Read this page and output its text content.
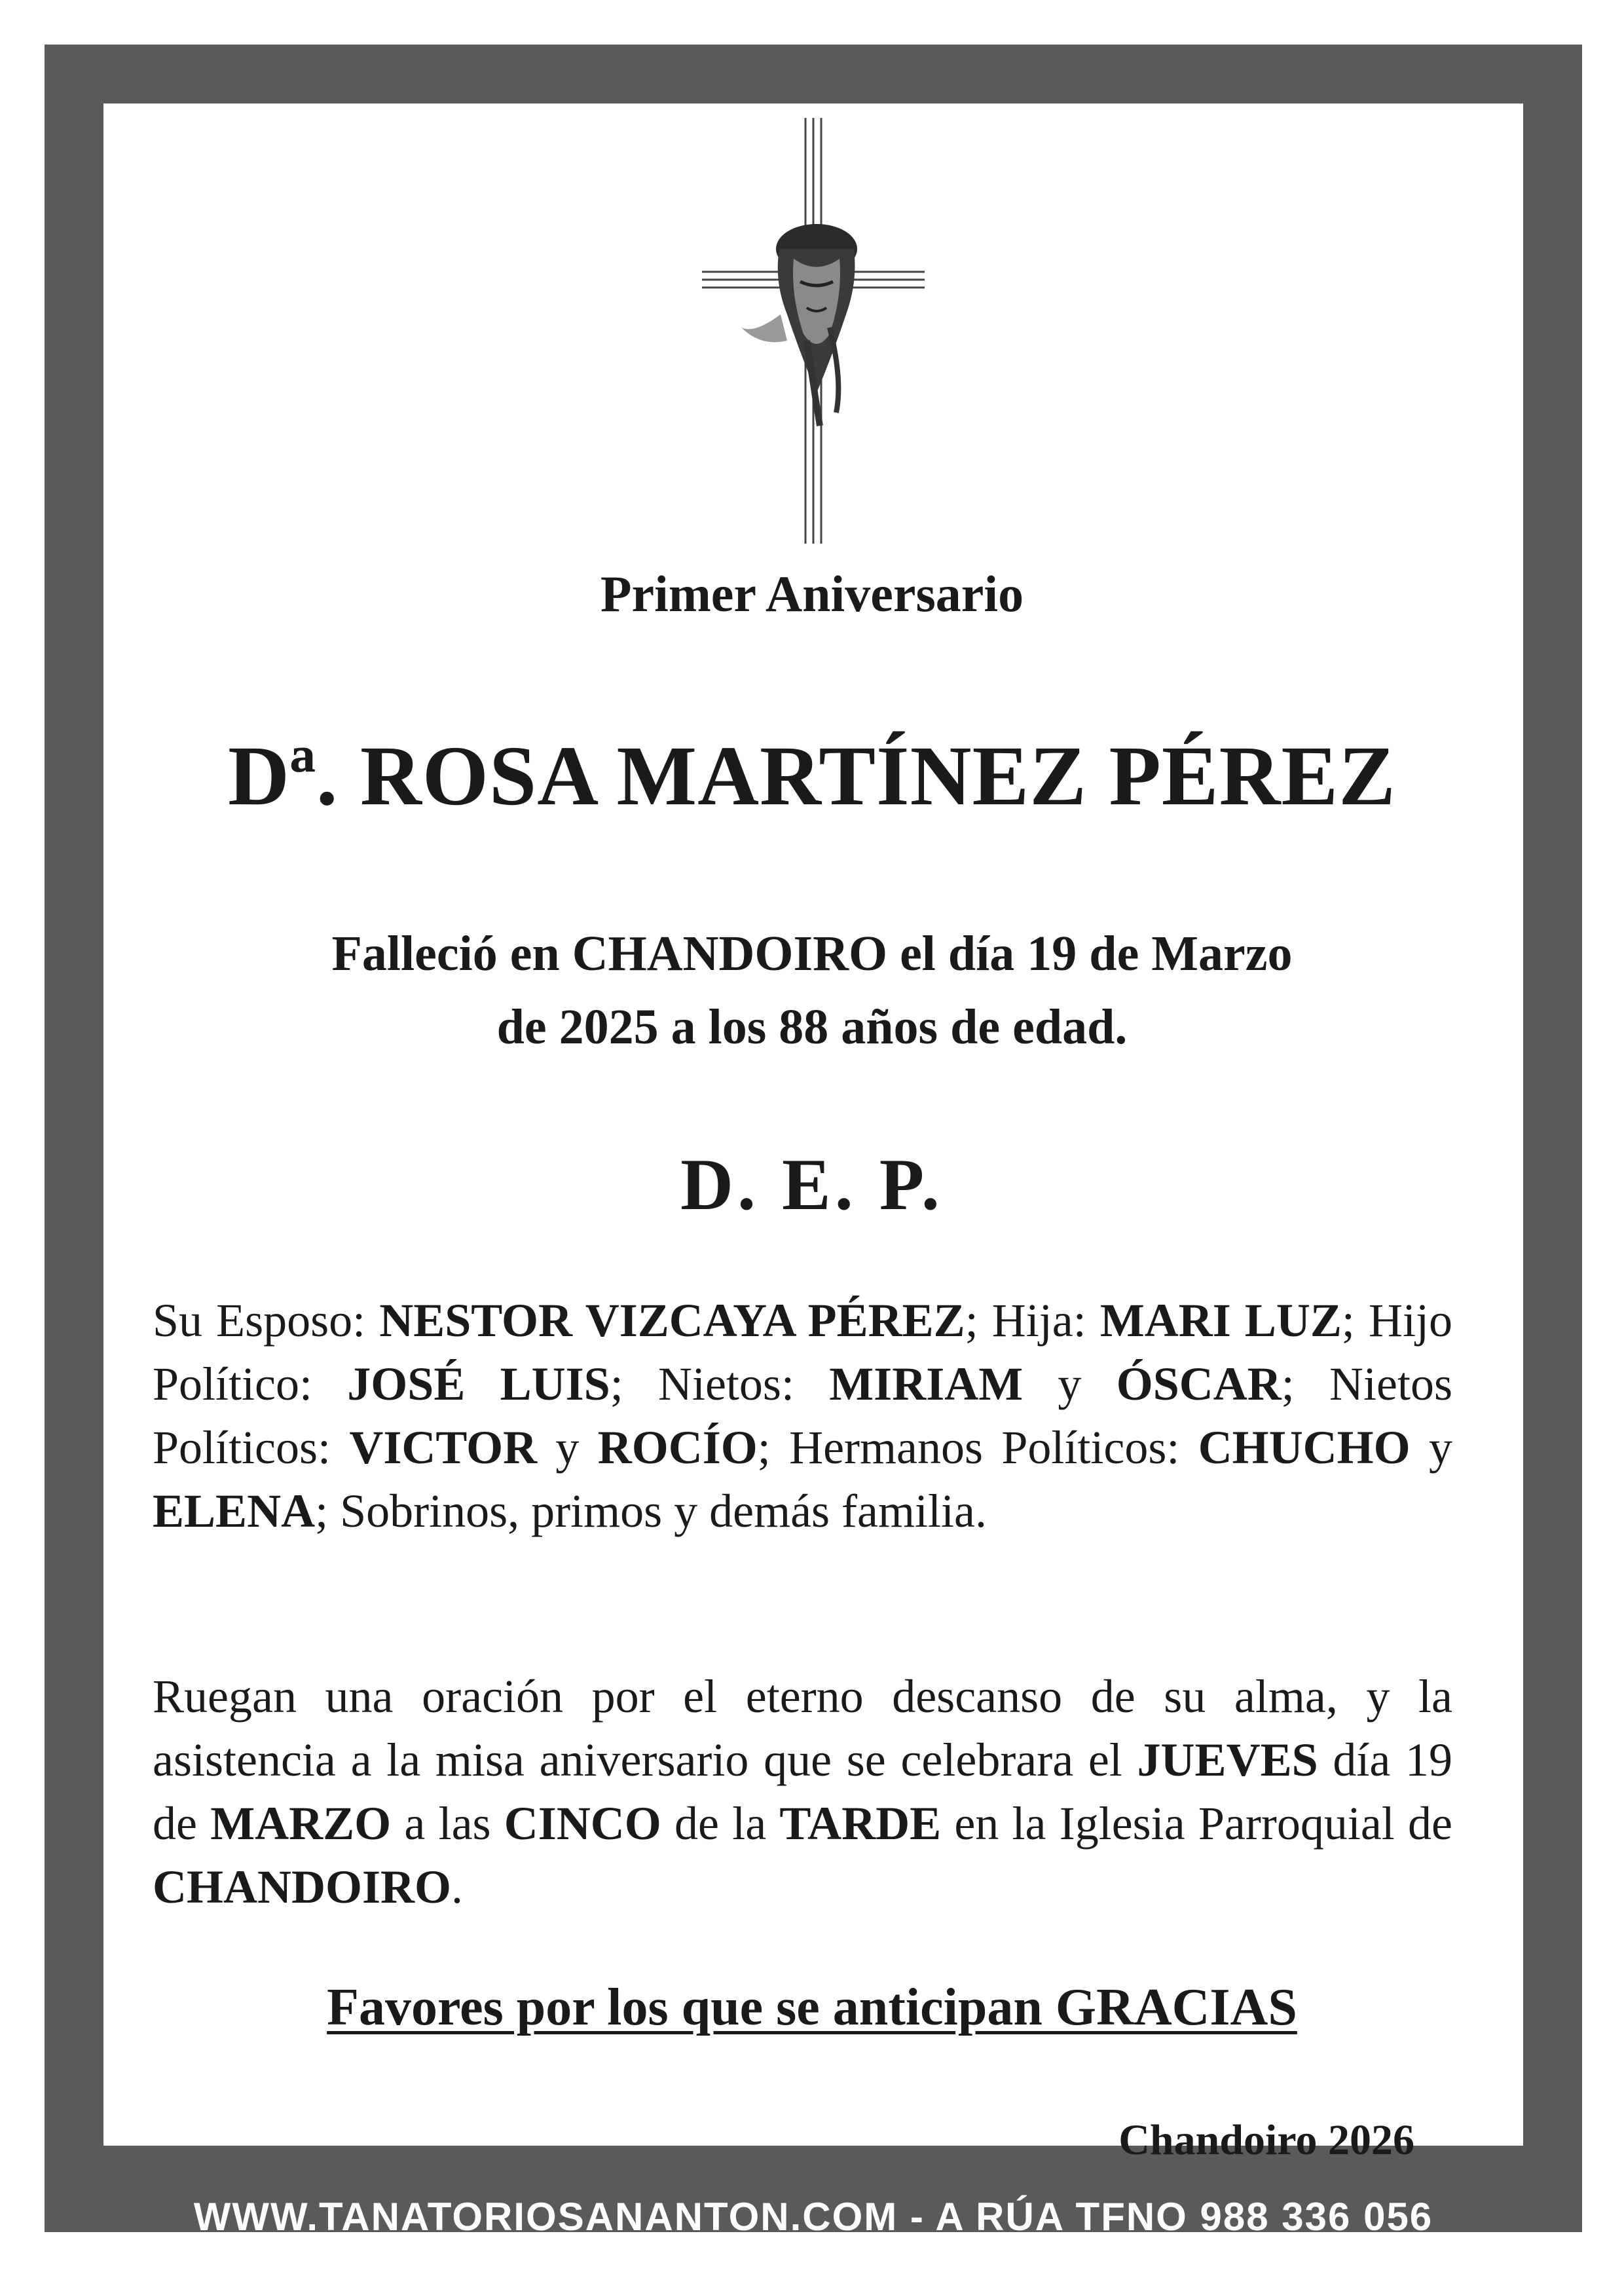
Primer Aniversario
Dª. ROSA MARTÍNEZ PÉREZ
Falleció en CHANDOIRO el día 19 de Marzo
de 2025 a los 88 años de edad.
D. E. P.
Su Esposo: NESTOR VIZCAYA PÉREZ; Hija: MARI LUZ; Hijo Político: JOSÉ LUIS; Nietos: MIRIAM y ÓSCAR; Nietos Políticos: VICTOR y ROCÍO; Hermanos Políticos: CHUCHO y ELENA; Sobrinos, primos y demás familia.
Ruegan una oración por el eterno descanso de su alma, y la asistencia a la misa aniversario que se celebrara el JUEVES día 19 de MARZO a las CINCO de la TARDE en la Iglesia Parroquial de CHANDOIRO.
Favores por los que se anticipan GRACIAS
Chandoiro 2026
WWW.TANATORIOSANANTON.COM - A RÚA TFNO 988 336 056
